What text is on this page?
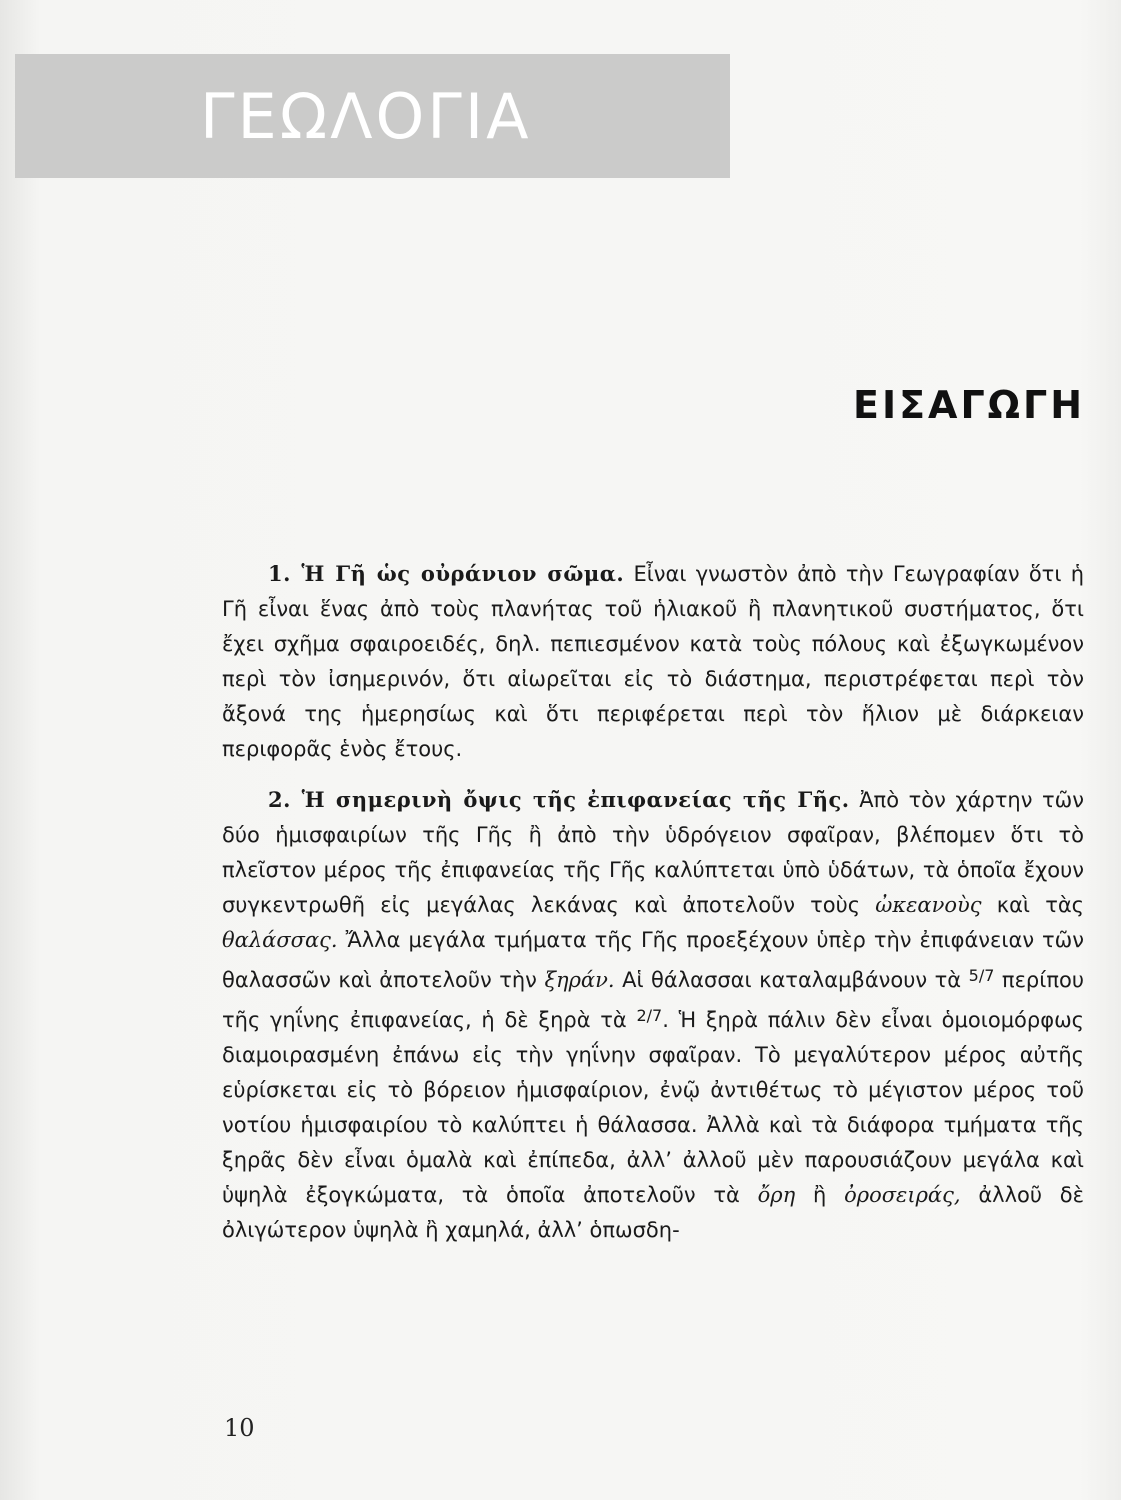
ΓΕΩΛΟΓΙΑ
ΕΙΣΑΓΩΓΗ

1. Ἡ Γῆ ὡς οὐράνιον σῶμα. Εἶναι γνωστὸν ἀπὸ τὴν Γεωγραφίαν ὅτι ἡ Γῆ εἶναι ἕνας ἀπὸ τοὺς πλανήτας τοῦ ἡλιακοῦ ἢ πλανητικοῦ συστήματος, ὅτι ἔχει σχῆμα σφαιροειδές, δηλ. πεπιεσμένον κατὰ τοὺς πόλους καὶ ἐξωγκωμένον περὶ τὸν ἰσημερινόν, ὅτι αἰωρεῖται εἰς τὸ διάστημα, περιστρέφεται περὶ τὸν ἄξονά της ἡμερησίως καὶ ὅτι περιφέρεται περὶ τὸν ἥλιον μὲ διάρκειαν περιφορᾶς ἑνὸς ἔτους.

2. Ἡ σημερινὴ ὄψις τῆς ἐπιφανείας τῆς Γῆς. Ἀπὸ τὸν χάρτην τῶν δύο ἡμισφαιρίων τῆς Γῆς ἢ ἀπὸ τὴν ὑδρόγειον σφαῖραν, βλέπομεν ὅτι τὸ πλεῖστον μέρος τῆς ἐπιφανείας τῆς Γῆς καλύπτεται ὑπὸ ὑδάτων, τὰ ὁποῖα ἔχουν συγκεντρωθῆ εἰς μεγάλας λεκάνας καὶ ἀποτελοῦν τοὺς ὠκεανοὺς καὶ τὰς θαλάσσας. Ἄλλα μεγάλα τμήματα τῆς Γῆς προεξέχουν ὑπὲρ τὴν ἐπιφάνειαν τῶν θαλασσῶν καὶ ἀποτελοῦν τὴν ξηράν. Αἱ θάλασσαι καταλαμβάνουν τὰ $^{5/7}$ περίπου τῆς γηΐνης ἐπιφανείας, ἡ δὲ ξηρὰ τὰ $^{2/7}$. Ἡ ξηρὰ πάλιν δὲν εἶναι ὁμοιομόρφως διαμοιρασμένη ἐπάνω εἰς τὴν γηΐνην σφαῖραν. Τὸ μεγαλύτερον μέρος αὐτῆς εὑρίσκεται εἰς τὸ βόρειον ἡμισφαίριον, ἐνῷ ἀντιθέτως τὸ μέγιστον μέρος τοῦ νοτίου ἡμισφαιρίου τὸ καλύπτει ἡ θάλασσα. Ἀλλὰ καὶ τὰ διάφορα τμήματα τῆς ξηρᾶς δὲν εἶναι ὁμαλὰ καὶ ἐπίπεδα, ἀλλ’ ἀλλοῦ μὲν παρουσιάζουν μεγάλα καὶ ὑψηλὰ ἐξογκώματα, τὰ ὁποῖα ἀποτελοῦν τὰ ὄρη ἢ ὀροσειράς, ἀλλοῦ δὲ ὀλιγώτερον ὑψηλὰ ἢ χαμηλά, ἀλλ’ ὁπωσδη-

10
